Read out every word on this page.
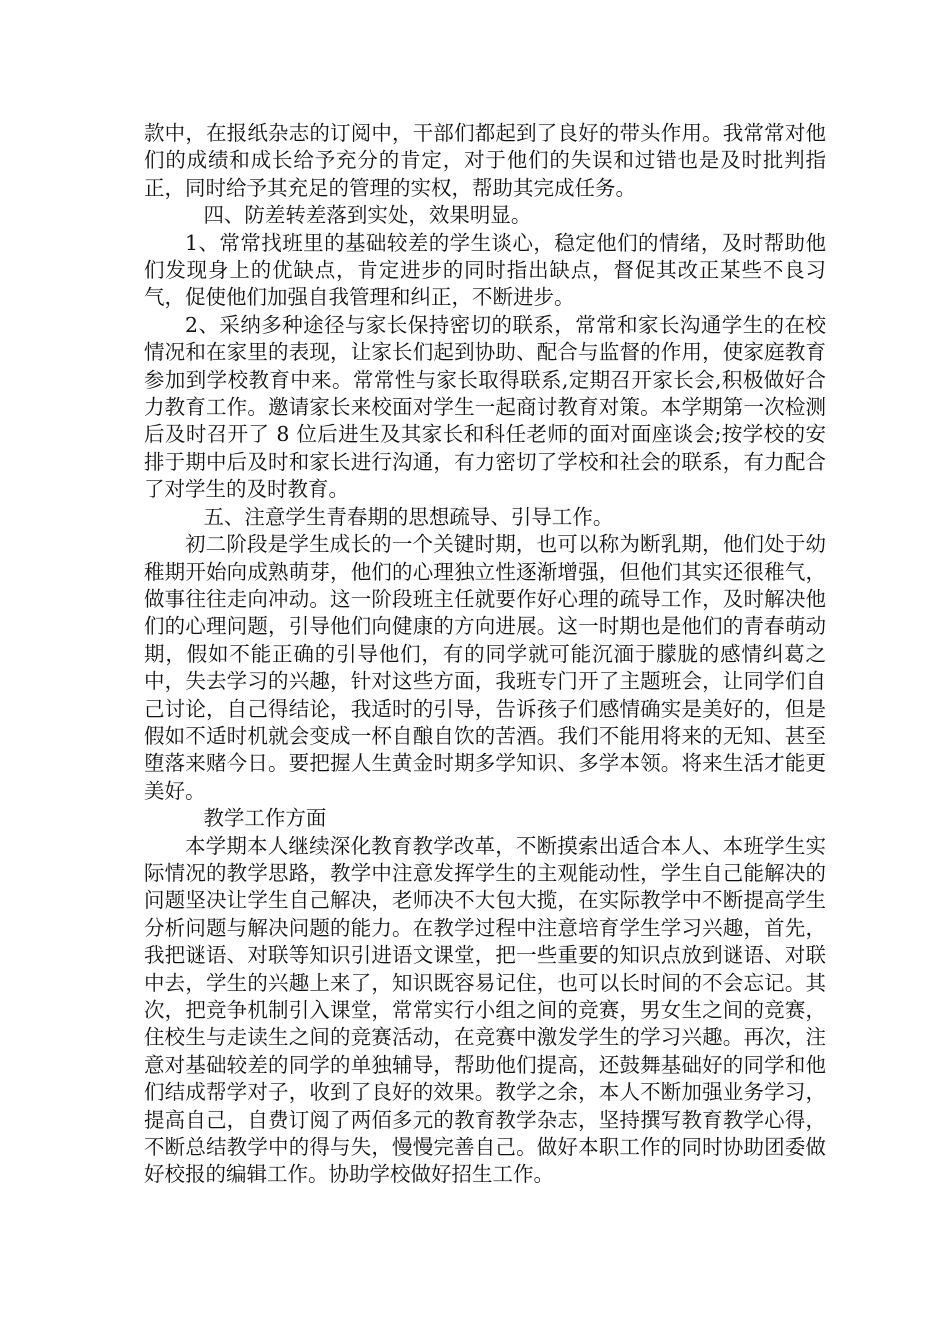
款中，在报纸杂志的订阅中，干部们都起到了良好的带头作用。我常常对他们的成绩和成长给予充分的肯定，对于他们的失误和过错也是及时批判指正，同时给予其充足的管理的实权，帮助其完成任务。

四、防差转差落到实处，效果明显。

1、常常找班里的基础较差的学生谈心，稳定他们的情绪，及时帮助他们发现身上的优缺点，肯定进步的同时指出缺点，督促其改正某些不良习气，促使他们加强自我管理和纠正，不断进步。

2、采纳多种途径与家长保持密切的联系，常常和家长沟通学生的在校情况和在家里的表现，让家长们起到协助、配合与监督的作用，使家庭教育参加到学校教育中来。常常性与家长取得联系,定期召开家长会,积极做好合力教育工作。邀请家长来校面对学生一起商讨教育对策。本学期第一次检测后及时召开了 8 位后进生及其家长和科任老师的面对面座谈会;按学校的安排于期中后及时和家长进行沟通，有力密切了学校和社会的联系，有力配合了对学生的及时教育。

五、注意学生青春期的思想疏导、引导工作。

初二阶段是学生成长的一个关键时期，也可以称为断乳期，他们处于幼稚期开始向成熟萌芽，他们的心理独立性逐渐增强，但他们其实还很稚气，做事往往走向冲动。这一阶段班主任就要作好心理的疏导工作，及时解决他们的心理问题，引导他们向健康的方向进展。这一时期也是他们的青春萌动期，假如不能正确的引导他们，有的同学就可能沉湎于朦胧的感情纠葛之中，失去学习的兴趣，针对这些方面，我班专门开了主题班会，让同学们自己讨论，自己得结论，我适时的引导，告诉孩子们感情确实是美好的，但是假如不适时机就会变成一杯自酿自饮的苦酒。我们不能用将来的无知、甚至堕落来赌今日。要把握人生黄金时期多学知识、多学本领。将来生活才能更美好。

教学工作方面

本学期本人继续深化教育教学改革，不断摸索出适合本人、本班学生实际情况的教学思路，教学中注意发挥学生的主观能动性，学生自己能解决的问题坚决让学生自己解决，老师决不大包大揽，在实际教学中不断提高学生分析问题与解决问题的能力。在教学过程中注意培育学生学习兴趣，首先，我把谜语、对联等知识引进语文课堂，把一些重要的知识点放到谜语、对联中去，学生的兴趣上来了，知识既容易记住，也可以长时间的不会忘记。其次，把竞争机制引入课堂，常常实行小组之间的竞赛，男女生之间的竞赛，住校生与走读生之间的竞赛活动，在竞赛中激发学生的学习兴趣。再次，注意对基础较差的同学的单独辅导，帮助他们提高，还鼓舞基础好的同学和他们结成帮学对子，收到了良好的效果。教学之余，本人不断加强业务学习，提高自己，自费订阅了两佰多元的教育教学杂志，坚持撰写教育教学心得，不断总结教学中的得与失，慢慢完善自己。做好本职工作的同时协助团委做好校报的编辑工作。协助学校做好招生工作。
